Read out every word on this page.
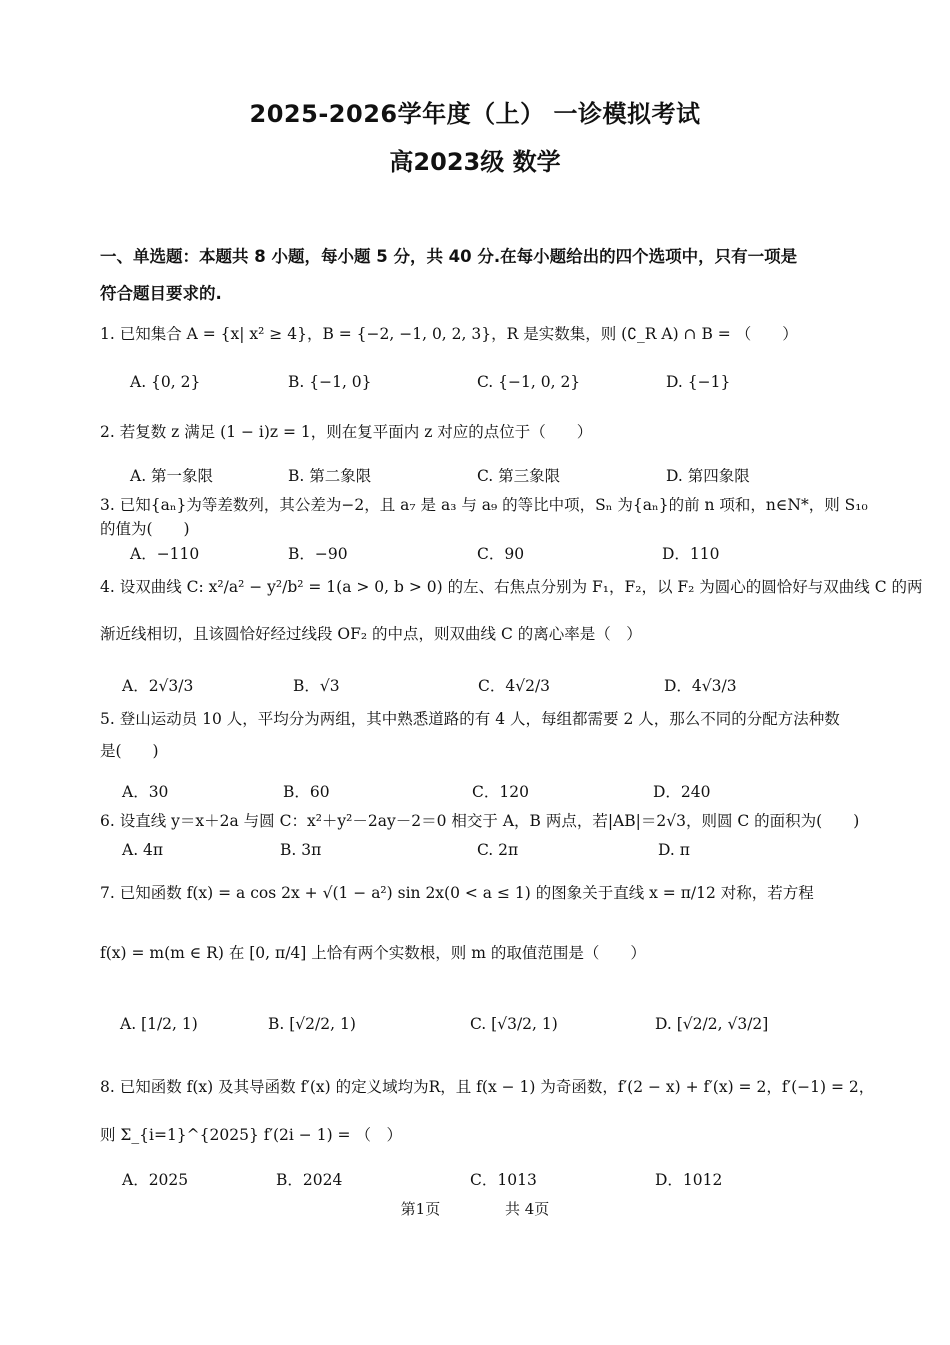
2025-2026学年度（上） 一诊模拟考试
高2023级 数学
一、单选题：本题共 8 小题，每小题 5 分，共 40 分.在每小题给出的四个选项中，只有一项是
符合题目要求的.
1. 已知集合 A = {x| x² ≥ 4}，B = {−2, −1, 0, 2, 3}，R 是实数集，则 (∁_R A) ∩ B = （　　）
A. {0, 2}	B. {−1, 0}	C. {−1, 0, 2}	D. {−1}
2. 若复数 z 满足 (1 − i)z = 1，则在复平面内 z 对应的点位于（　　）
A. 第一象限	B. 第二象限	C. 第三象限	D. 第四象限
3. 已知{aₙ}为等差数列，其公差为−2，且 a₇ 是 a₃ 与 a₉ 的等比中项，Sₙ 为{aₙ}的前 n 项和，n∈N*，则 S₁₀
的值为(　　)
A．−110	B．−90	C．90	D．110
4. 设双曲线 C: x²/a² − y²/b² = 1(a > 0, b > 0) 的左、右焦点分别为 F₁，F₂，以 F₂ 为圆心的圆恰好与双曲线 C 的两
渐近线相切，且该圆恰好经过线段 OF₂ 的中点，则双曲线 C 的离心率是（　）
A．2√3/3	B．√3	C．4√2/3	D．4√3/3
5. 登山运动员 10 人，平均分为两组，其中熟悉道路的有 4 人，每组都需要 2 人，那么不同的分配方法种数
是(　　)
A．30	B．60	C．120	D．240
6. 设直线 y＝x＋2a 与圆 C：x²＋y²－2ay－2＝0 相交于 A，B 两点，若|AB|＝2√3，则圆 C 的面积为(　　)
A. 4π	B. 3π	C. 2π	D. π
7. 已知函数 f(x) = a cos 2x + √(1 − a²) sin 2x(0 < a ≤ 1) 的图象关于直线 x = π/12 对称，若方程
f(x) = m(m ∈ R) 在 [0, π/4] 上恰有两个实数根，则 m 的取值范围是（　　）
A. [1/2, 1)	B. [√2/2, 1)	C. [√3/2, 1)	D. [√2/2, √3/2]
8. 已知函数 f(x) 及其导函数 f′(x) 的定义域均为R，且 f(x − 1) 为奇函数，f′(2 − x) + f′(x) = 2，f′(−1) = 2，
则 Σ_{i=1}^{2025} f′(2i − 1) = （　）
A．2025	B．2024	C．1013	D．1012
第1页	共 4页
